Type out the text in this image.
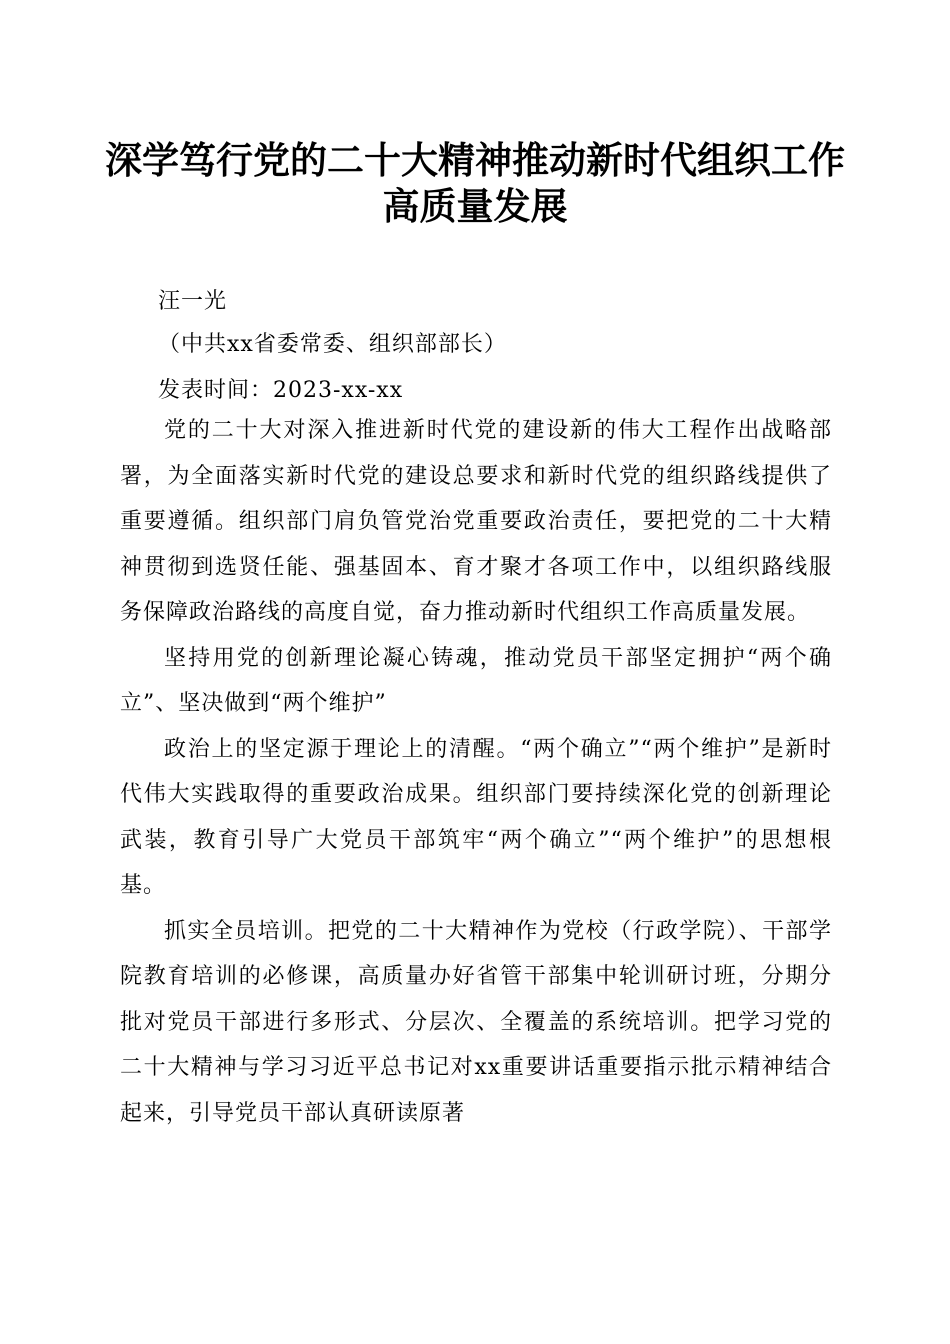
深学笃行党的二十大精神推动新时代组织工作
高质量发展
汪一光
（中共xx省委常委、组织部部长）
发表时间：2023-xx-xx

党的二十大对深入推进新时代党的建设新的伟大工程作出战略部署，为全面落实新时代党的建设总要求和新时代党的组织路线提供了重要遵循。组织部门肩负管党治党重要政治责任，要把党的二十大精神贯彻到选贤任能、强基固本、育才聚才各项工作中，以组织路线服务保障政治路线的高度自觉，奋力推动新时代组织工作高质量发展。

坚持用党的创新理论凝心铸魂，推动党员干部坚定拥护“两个确立”、坚决做到“两个维护”

政治上的坚定源于理论上的清醒。“两个确立”“两个维护”是新时代伟大实践取得的重要政治成果。组织部门要持续深化党的创新理论武装，教育引导广大党员干部筑牢“两个确立”“两个维护”的思想根基。

抓实全员培训。把党的二十大精神作为党校（行政学院）、干部学院教育培训的必修课，高质量办好省管干部集中轮训研讨班，分期分批对党员干部进行多形式、分层次、全覆盖的系统培训。把学习党的二十大精神与学习习近平总书记对xx重要讲话重要指示批示精神结合起来，引导党员干部认真研读原著
